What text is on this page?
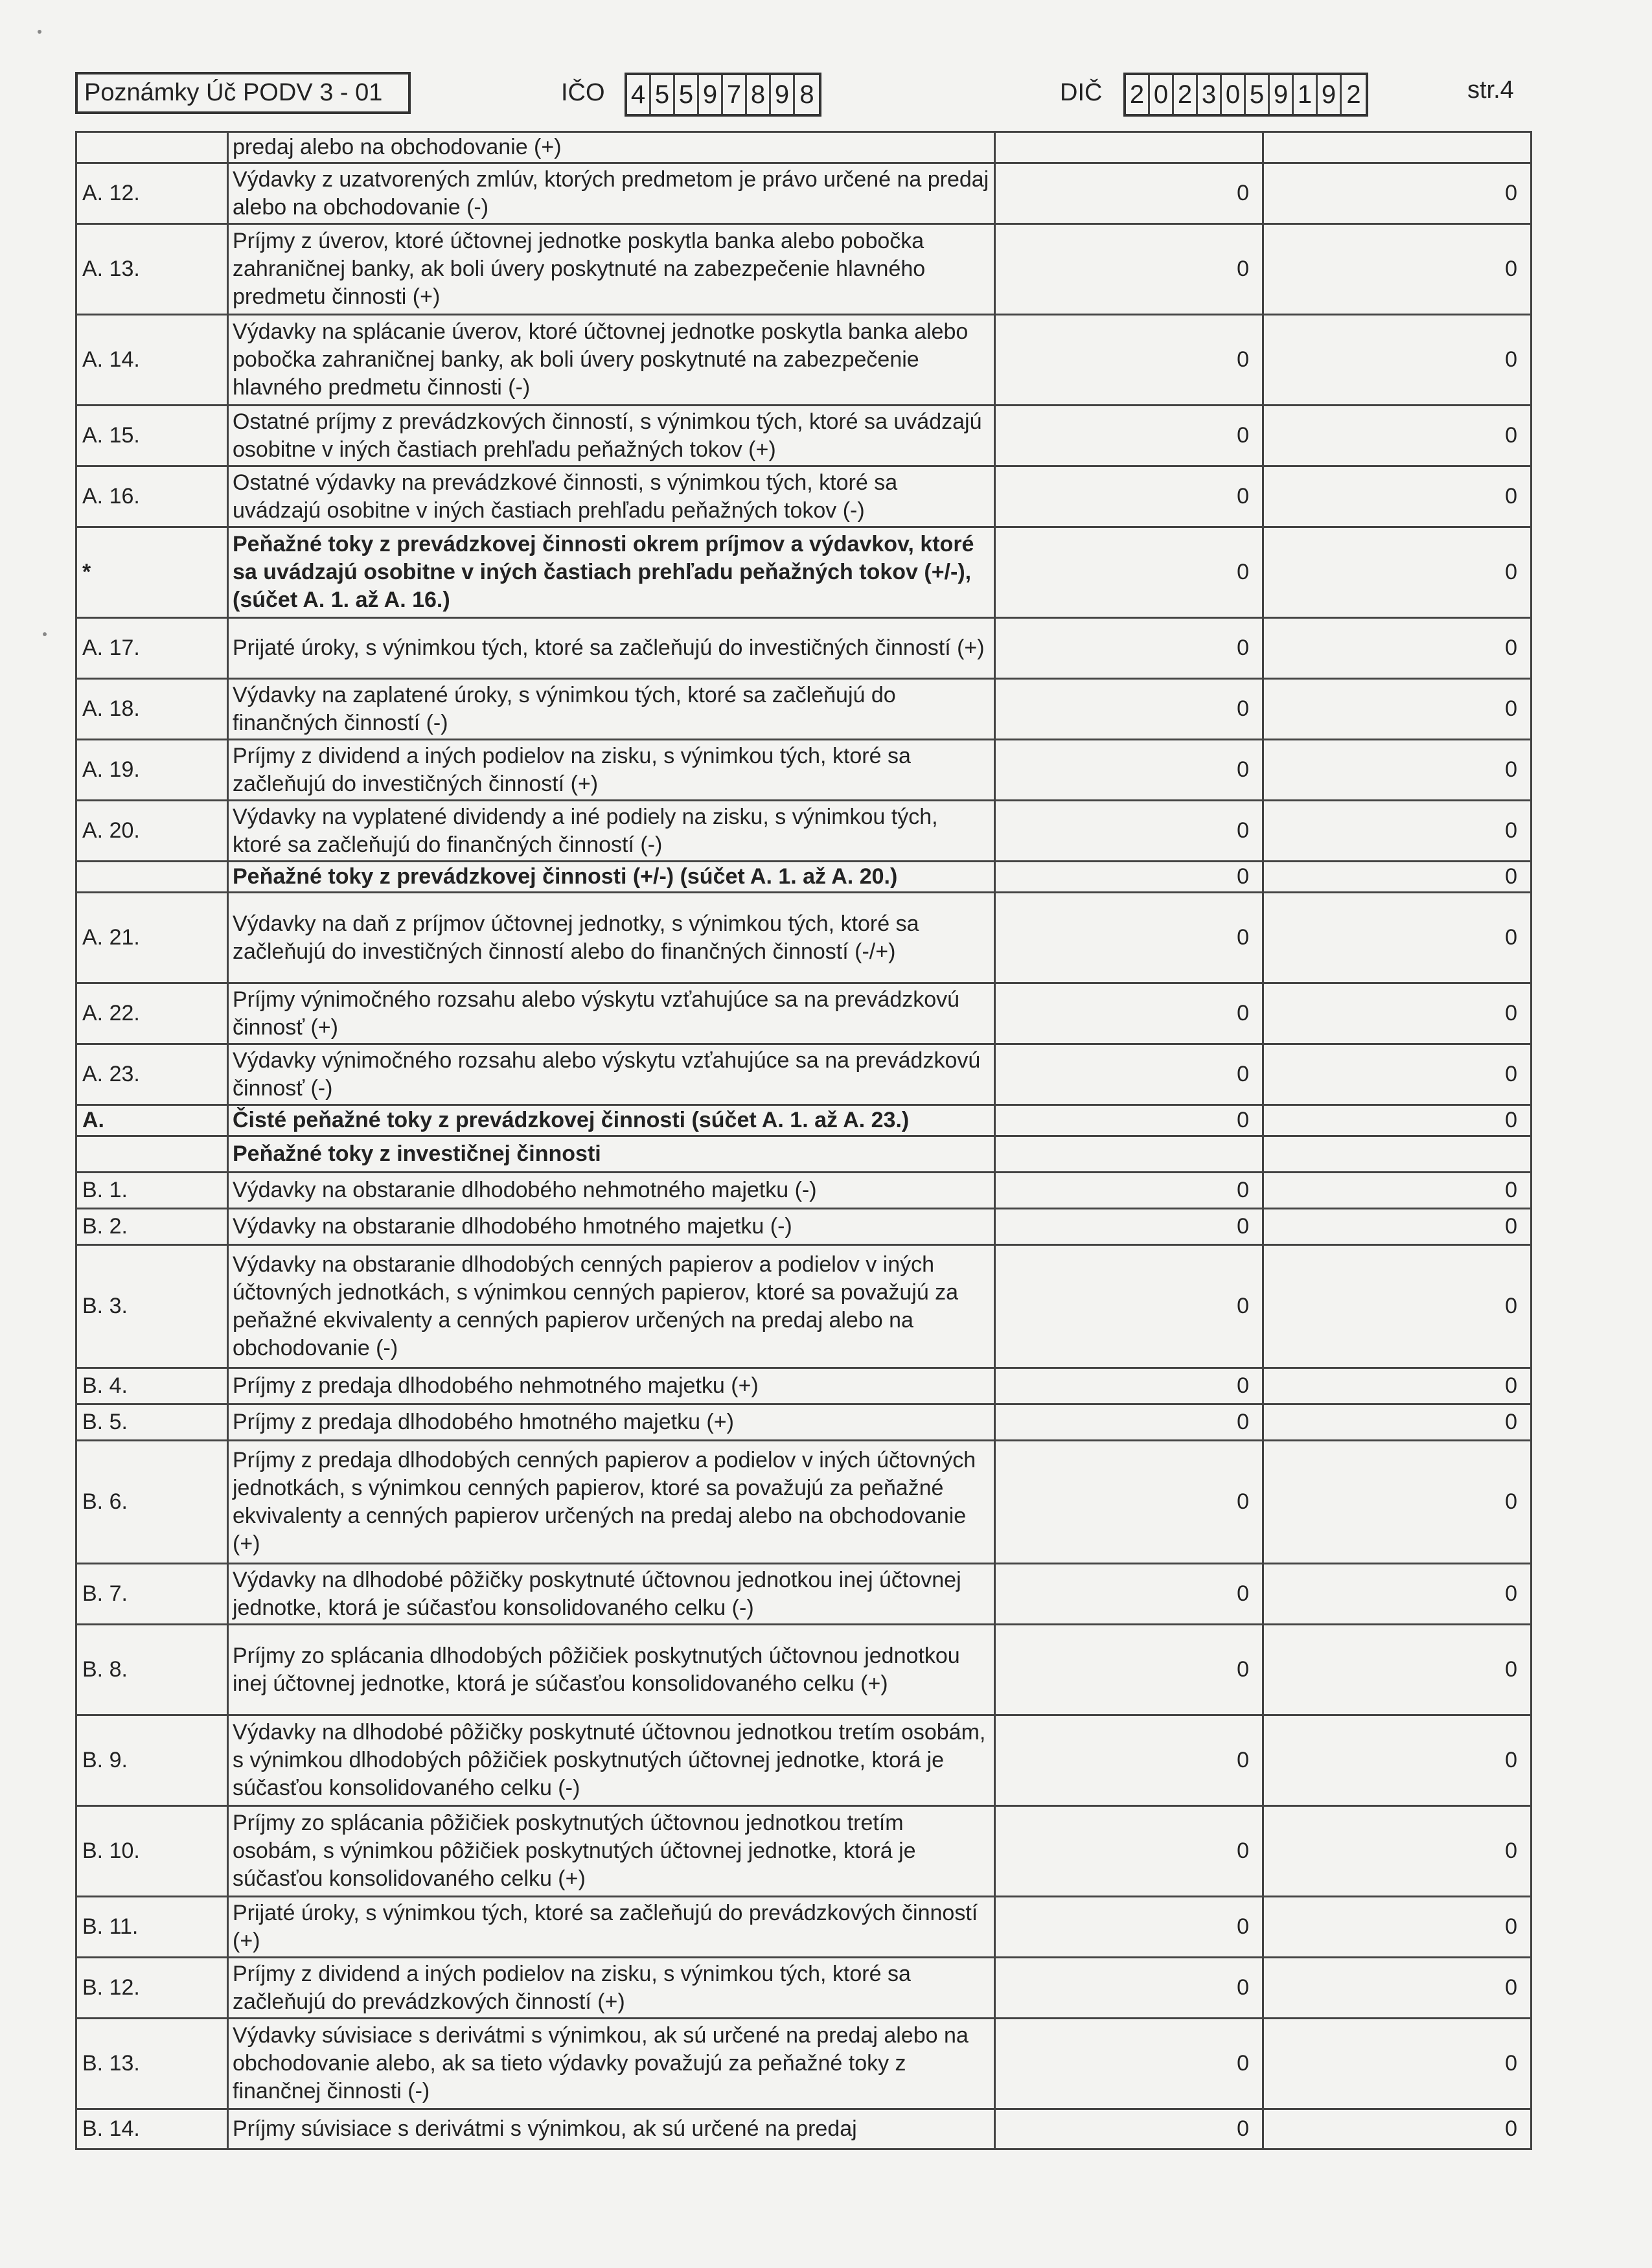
Poznámky Úč PODV 3 - 01	IČO 4 5 5 9 7 8 9 8	DIČ 2 0 2 3 0 5 9 1 9 2	str.4
	predaj alebo na obchodovanie (+)		
A. 12.	Výdavky z uzatvorených zmlúv, ktorých predmetom je právo určené na predaj alebo na obchodovanie (-)	0	0
A. 13.	Príjmy z úverov, ktoré účtovnej jednotke poskytla banka alebo pobočka zahraničnej banky, ak boli úvery poskytnuté na zabezpečenie hlavného predmetu činnosti (+)	0	0
A. 14.	Výdavky na splácanie úverov, ktoré účtovnej jednotke poskytla banka alebo pobočka zahraničnej banky, ak boli úvery poskytnuté na zabezpečenie hlavného predmetu činnosti (-)	0	0
A. 15.	Ostatné príjmy z prevádzkových činností, s výnimkou tých, ktoré sa uvádzajú osobitne v iných častiach prehľadu peňažných tokov (+)	0	0
A. 16.	Ostatné výdavky na prevádzkové činnosti, s výnimkou tých, ktoré sa uvádzajú osobitne v iných častiach prehľadu peňažných tokov (-)	0	0
*	Peňažné toky z prevádzkovej činnosti okrem príjmov a výdavkov, ktoré sa uvádzajú osobitne v iných častiach prehľadu peňažných tokov (+/-), (súčet A. 1. až A. 16.)	0	0
A. 17.	Prijaté úroky, s výnimkou tých, ktoré sa začleňujú do investičných činností (+)	0	0
A. 18.	Výdavky na zaplatené úroky, s výnimkou tých, ktoré sa začleňujú do finančných činností (-)	0	0
A. 19.	Príjmy z dividend a iných podielov na zisku, s výnimkou tých, ktoré sa začleňujú do investičných činností (+)	0	0
A. 20.	Výdavky na vyplatené dividendy a iné podiely na zisku, s výnimkou tých, ktoré sa začleňujú do finančných činností (-)	0	0
	Peňažné toky z prevádzkovej činnosti (+/-) (súčet A. 1. až A. 20.)	0	0
A. 21.	Výdavky na daň z príjmov účtovnej jednotky, s výnimkou tých, ktoré sa začleňujú do investičných činností alebo do finančných činností (-/+)	0	0
A. 22.	Príjmy výnimočného rozsahu alebo výskytu vzťahujúce sa na prevádzkovú činnosť (+)	0	0
A. 23.	Výdavky výnimočného rozsahu alebo výskytu vzťahujúce sa na prevádzkovú činnosť (-)	0	0
A.	Čisté peňažné toky z prevádzkovej činnosti (súčet A. 1. až A. 23.)	0	0
	Peňažné toky z investičnej činnosti		
B. 1.	Výdavky na obstaranie dlhodobého nehmotného majetku (-)	0	0
B. 2.	Výdavky na obstaranie dlhodobého hmotného majetku (-)	0	0
B. 3.	Výdavky na obstaranie dlhodobých cenných papierov a podielov v iných účtovných jednotkách, s výnimkou cenných papierov, ktoré sa považujú za peňažné ekvivalenty a cenných papierov určených na predaj alebo na obchodovanie (-)	0	0
B. 4.	Príjmy z predaja dlhodobého nehmotného majetku (+)	0	0
B. 5.	Príjmy z predaja dlhodobého hmotného majetku (+)	0	0
B. 6.	Príjmy z predaja dlhodobých cenných papierov a podielov v iných účtovných jednotkách, s výnimkou cenných papierov, ktoré sa považujú za peňažné ekvivalenty a cenných papierov určených na predaj alebo na obchodovanie (+)	0	0
B. 7.	Výdavky na dlhodobé pôžičky poskytnuté účtovnou jednotkou inej účtovnej jednotke, ktorá je súčasťou konsolidovaného celku (-)	0	0
B. 8.	Príjmy zo splácania dlhodobých pôžičiek poskytnutých účtovnou jednotkou inej účtovnej jednotke, ktorá je súčasťou konsolidovaného celku (+)	0	0
B. 9.	Výdavky na dlhodobé pôžičky poskytnuté účtovnou jednotkou tretím osobám, s výnimkou dlhodobých pôžičiek poskytnutých účtovnej jednotke, ktorá je súčasťou konsolidovaného celku (-)	0	0
B. 10.	Príjmy zo splácania pôžičiek poskytnutých účtovnou jednotkou tretím osobám, s výnimkou pôžičiek poskytnutých účtovnej jednotke, ktorá je súčasťou konsolidovaného celku (+)	0	0
B. 11.	Prijaté úroky, s výnimkou tých, ktoré sa začleňujú do prevádzkových činností (+)	0	0
B. 12.	Príjmy z dividend a iných podielov na zisku, s výnimkou tých, ktoré sa začleňujú do prevádzkových činností (+)	0	0
B. 13.	Výdavky súvisiace s derivátmi s výnimkou, ak sú určené na predaj alebo na obchodovanie alebo, ak sa tieto výdavky považujú za peňažné toky z finančnej činnosti (-)	0	0
B. 14.	Príjmy súvisiace s derivátmi s výnimkou, ak sú určené na predaj	0	0
